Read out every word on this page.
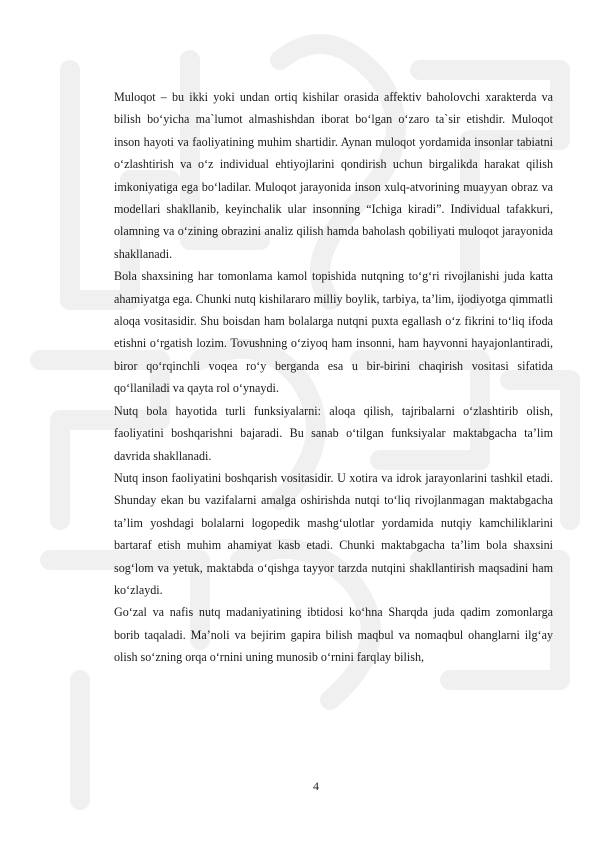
Muloqot – bu ikki yoki undan ortiq kishilar orasida affektiv baholovchi xarakterda va bilish bo‘yicha ma`lumot almashishdan iborat bo‘lgan o‘zaro ta`sir etishdir. Muloqot inson hayoti va faoliyatining muhim shartidir. Aynan muloqot yordamida insonlar tabiatni o‘zlashtirish va o‘z individual ehtiyojlarini qondirish uchun birgalikda harakat qilish imkoniyatiga ega bo‘ladilar. Muloqot jarayonida inson xulq-atvorining muayyan obraz va modellari shakllanib, keyinchalik ular insonning “Ichiga kiradi”. Individual tafakkuri, olamning va o‘zining obrazini analiz qilish hamda baholash qobiliyati muloqot jarayonida shakllanadi.

Bola shaxsining har tomonlama kamol topishida nutqning to‘g‘ri rivojlanishi juda katta ahamiyatga ega. Chunki nutq kishilararo milliy boylik, tarbiya, ta’lim, ijodiyotga qimmatli aloqa vositasidir. Shu boisdan ham bolalarga nutqni puxta egallash o‘z fikrini to‘liq ifoda etishni o‘rgatish lozim. Tovushning o‘ziyoq ham insonni, ham hayvonni hayajonlantiradi, biror qo‘rqinchli voqea ro‘y berganda esa u bir-birini chaqirish vositasi sifatida qo‘llaniladi va qayta rol o‘ynaydi.

Nutq bola hayotida turli funksiyalarni: aloqa qilish, tajribalarni o‘zlashtirib olish, faoliyatini boshqarishni bajaradi. Bu sanab o‘tilgan funksiyalar maktabgacha ta’lim davrida shakllanadi.

Nutq inson faoliyatini boshqarish vositasidir. U xotira va idrok jarayonlarini tashkil etadi. Shunday ekan bu vazifalarni amalga oshirishda nutqi to‘liq rivojlanmagan maktabgacha ta’lim yoshdagi bolalarni logopedik mashg‘ulotlar yordamida nutqiy kamchiliklarini bartaraf etish muhim ahamiyat kasb etadi. Chunki maktabgacha ta’lim bola shaxsini sog‘lom va yetuk, maktabda o‘qishga tayyor tarzda nutqini shakllantirish maqsadini ham ko‘zlaydi.

Go‘zal va nafis nutq madaniyatining ibtidosi ko‘hna Sharqda juda qadim zomonlarga borib taqaladi. Ma’noli va bejirim gapira bilish maqbul va nomaqbul ohanglarni ilg‘ay olish so‘zning orqa o‘rnini uning munosib o‘rnini farqlay bilish,

4
